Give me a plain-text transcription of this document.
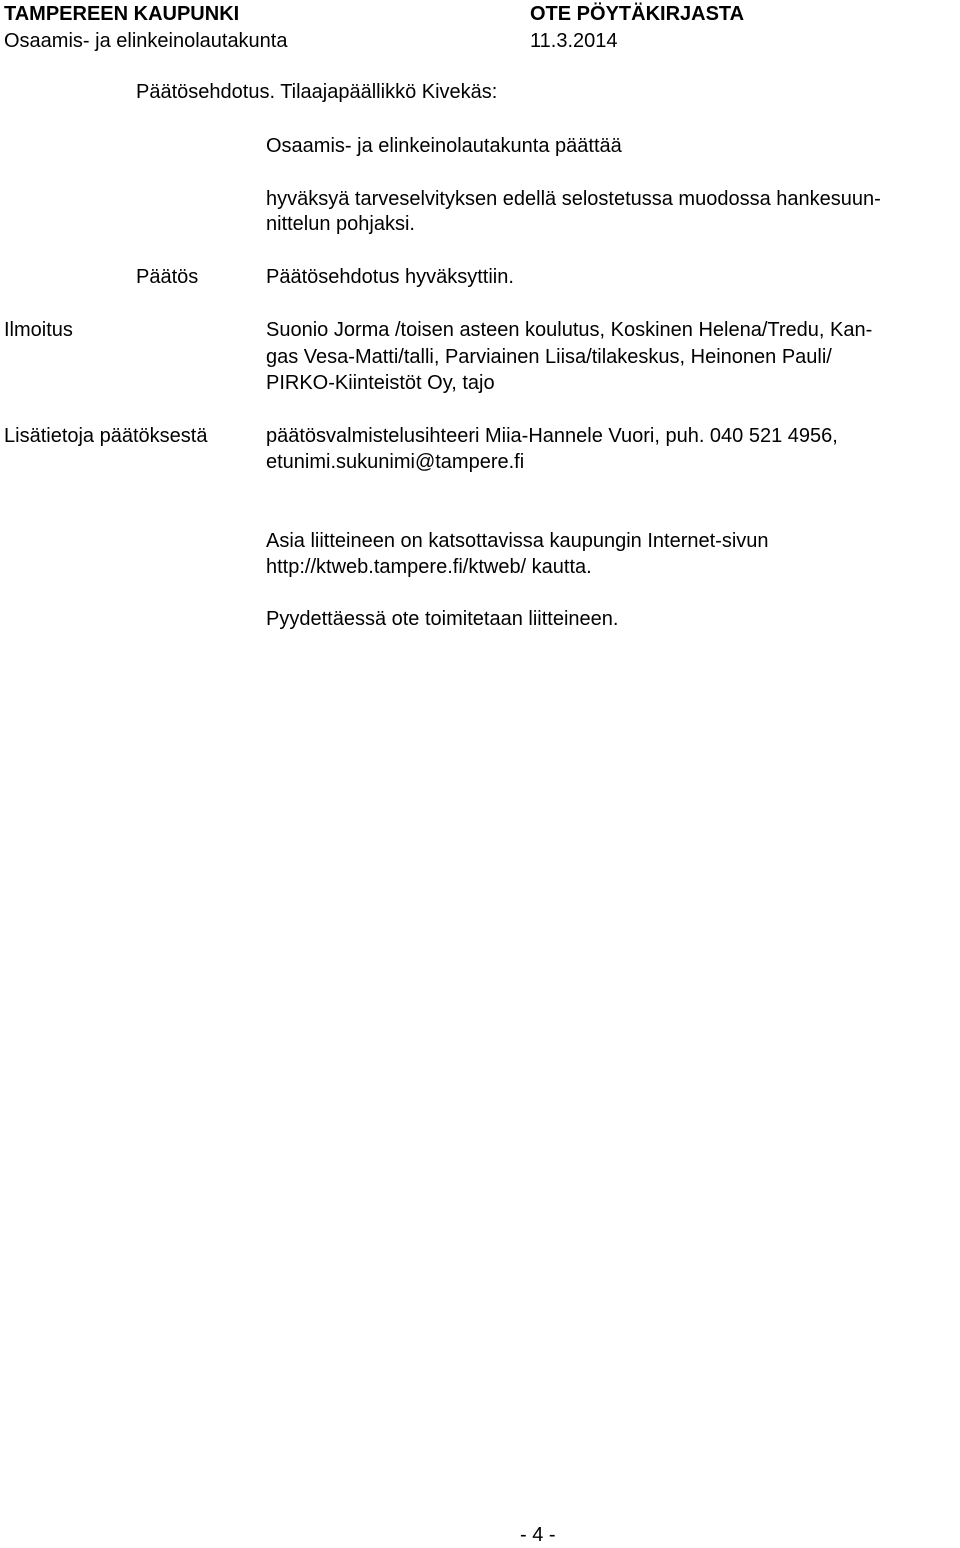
TAMPEREEN KAUPUNKI	OTE PÖYTÄKIRJASTA
Osaamis- ja elinkeinolautakunta	11.3.2014
Päätösehdotus. Tilaajapäällikkö Kivekäs:
Osaamis- ja elinkeinolautakunta päättää
hyväksyä tarveselvityksen edellä selostetussa muodossa hankesuun-
nittelun pohjaksi.
Päätös	Päätösehdotus hyväksyttiin.
Ilmoitus	Suonio Jorma /toisen asteen koulutus, Koskinen Helena/Tredu, Kan-
gas Vesa-Matti/talli, Parviainen Liisa/tilakeskus, Heinonen Pauli/
PIRKO-Kiinteistöt Oy, tajo
Lisätietoja päätöksestä	päätösvalmistelusihteeri Miia-Hannele Vuori, puh. 040 521 4956,
etunimi.sukunimi@tampere.fi
Asia liitteineen on katsottavissa kaupungin Internet-sivun
http://ktweb.tampere.fi/ktweb/ kautta.
Pyydettäessä ote toimitetaan liitteineen.
- 4 -
